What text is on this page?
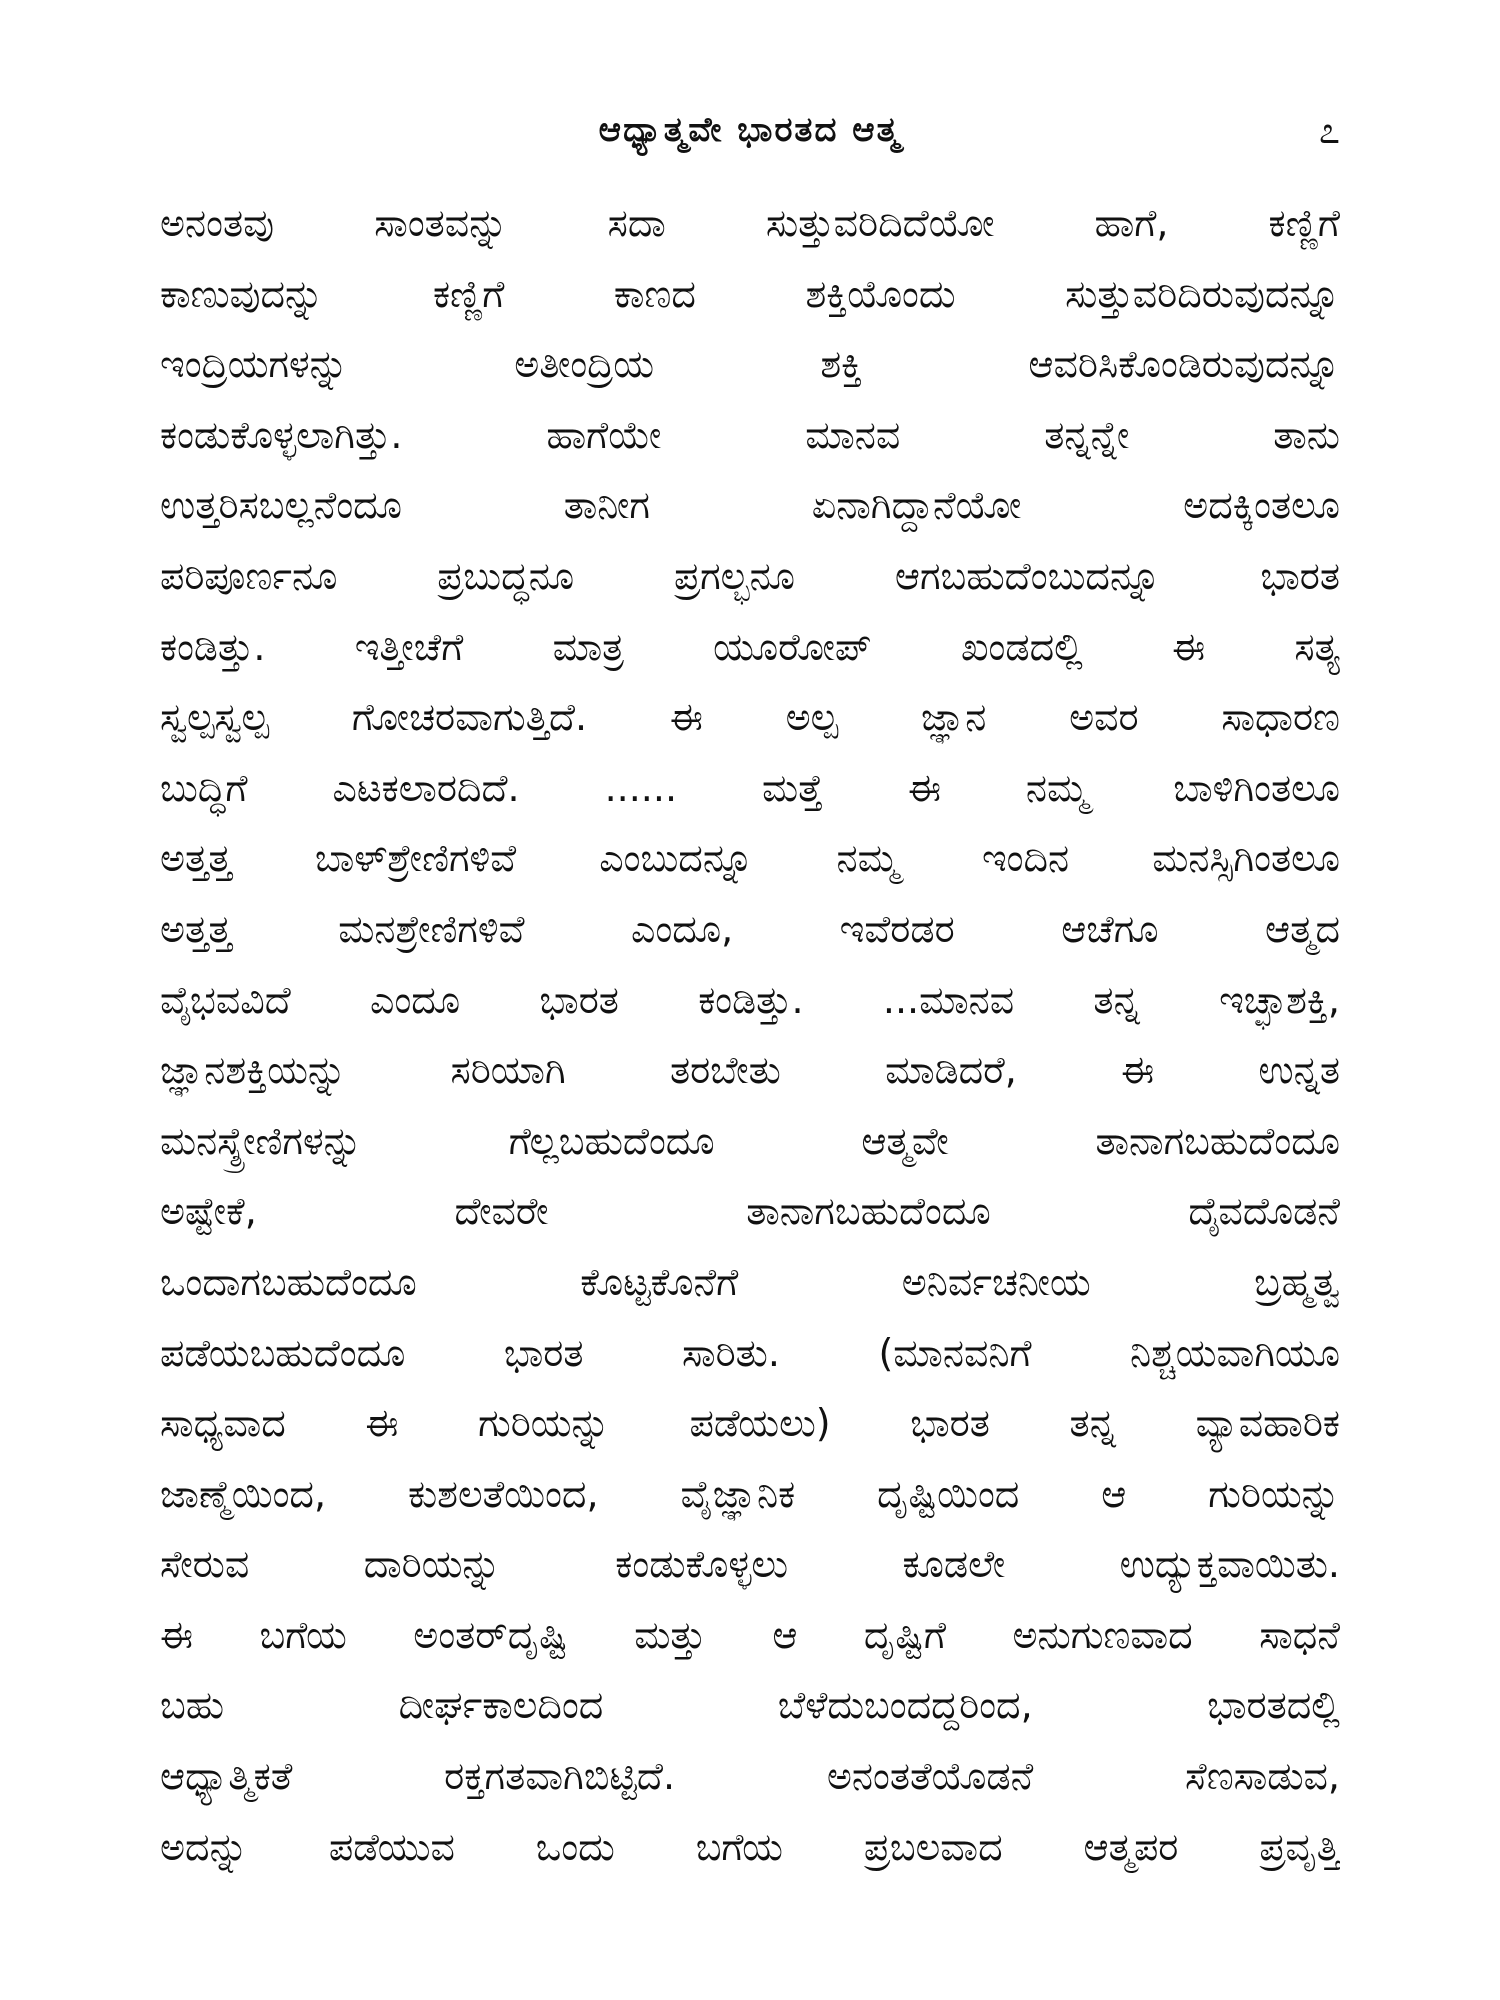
ಆಧ್ಯಾತ್ಮವೇ ಭಾರತದ ಆತ್ಮ	೭
ಅನಂತವು ಸಾಂತವನ್ನು ಸದಾ ಸುತ್ತುವರಿದಿದೆಯೋ ಹಾಗೆ, ಕಣ್ಣಿಗೆ
ಕಾಣುವುದನ್ನು ಕಣ್ಣಿಗೆ ಕಾಣದ ಶಕ್ತಿಯೊಂದು ಸುತ್ತುವರಿದಿರುವುದನ್ನೂ
ಇಂದ್ರಿಯಗಳನ್ನು ಅತೀಂದ್ರಿಯ ಶಕ್ತಿ ಆವರಿಸಿಕೊಂಡಿರುವುದನ್ನೂ
ಕಂಡುಕೊಳ್ಳಲಾಗಿತ್ತು. ಹಾಗೆಯೇ ಮಾನವ ತನ್ನನ್ನೇ ತಾನು
ಉತ್ತರಿಸಬಲ್ಲನೆಂದೂ ತಾನೀಗ ಏನಾಗಿದ್ದಾನೆಯೋ ಅದಕ್ಕಿಂತಲೂ
ಪರಿಪೂರ್ಣನೂ ಪ್ರಬುದ್ಧನೂ ಪ್ರಗಲ್ಭನೂ ಆಗಬಹುದೆಂಬುದನ್ನೂ ಭಾರತ
ಕಂಡಿತ್ತು. ಇತ್ತೀಚೆಗೆ ಮಾತ್ರ ಯೂರೋಪ್ ಖಂಡದಲ್ಲಿ ಈ ಸತ್ಯ
ಸ್ವಲ್ಪಸ್ವಲ್ಪ ಗೋಚರವಾಗುತ್ತಿದೆ. ಈ ಅಲ್ಪ ಜ್ಞಾನ ಅವರ ಸಾಧಾರಣ
ಬುದ್ಧಿಗೆ ಎಟಕಲಾರದಿದೆ. ...... ಮತ್ತೆ ಈ ನಮ್ಮ ಬಾಳಿಗಿಂತಲೂ
ಅತ್ತತ್ತ ಬಾಳ್‌ಶ್ರೇಣಿಗಳಿವೆ ಎಂಬುದನ್ನೂ ನಮ್ಮ ಇಂದಿನ ಮನಸ್ಸಿಗಿಂತಲೂ
ಅತ್ತತ್ತ ಮನಶ್ರೇಣಿಗಳಿವೆ ಎಂದೂ, ಇವೆರಡರ ಆಚೆಗೂ ಆತ್ಮದ
ವೈಭವವಿದೆ ಎಂದೂ ಭಾರತ ಕಂಡಿತ್ತು. ...ಮಾನವ ತನ್ನ ಇಚ್ಛಾಶಕ್ತಿ,
ಜ್ಞಾನಶಕ್ತಿಯನ್ನು ಸರಿಯಾಗಿ ತರಬೇತು ಮಾಡಿದರೆ, ಈ ಉನ್ನತ
ಮನಸ್ಶ್ರೇಣಿಗಳನ್ನು ಗೆಲ್ಲಬಹುದೆಂದೂ ಆತ್ಮವೇ ತಾನಾಗಬಹುದೆಂದೂ
ಅಷ್ಟೇಕೆ, ದೇವರೇ ತಾನಾಗಬಹುದೆಂದೂ ದೈವದೊಡನೆ
ಒಂದಾಗಬಹುದೆಂದೂ ಕೊಟ್ಟಕೊನೆಗೆ ಅನಿರ್ವಚನೀಯ ಬ್ರಹ್ಮತ್ವ
ಪಡೆಯಬಹುದೆಂದೂ ಭಾರತ ಸಾರಿತು. (ಮಾನವನಿಗೆ ನಿಶ್ಚಯವಾಗಿಯೂ
ಸಾಧ್ಯವಾದ ಈ ಗುರಿಯನ್ನು ಪಡೆಯಲು) ಭಾರತ ತನ್ನ ವ್ಯಾವಹಾರಿಕ
ಜಾಣ್ಮೆಯಿಂದ, ಕುಶಲತೆಯಿಂದ, ವೈಜ್ಞಾನಿಕ ದೃಷ್ಟಿಯಿಂದ ಆ ಗುರಿಯನ್ನು
ಸೇರುವ ದಾರಿಯನ್ನು ಕಂಡುಕೊಳ್ಳಲು ಕೂಡಲೇ ಉದ್ಯುಕ್ತವಾಯಿತು.
ಈ ಬಗೆಯ ಅಂತರ್‌ದೃಷ್ಟಿ ಮತ್ತು ಆ ದೃಷ್ಟಿಗೆ ಅನುಗುಣವಾದ ಸಾಧನೆ
ಬಹು ದೀರ್ಘಕಾಲದಿಂದ ಬೆಳೆದುಬಂದದ್ದರಿಂದ, ಭಾರತದಲ್ಲಿ
ಆಧ್ಯಾತ್ಮಿಕತೆ ರಕ್ತಗತವಾಗಿಬಿಟ್ಟಿದೆ. ಅನಂತತೆಯೊಡನೆ ಸೆಣಸಾಡುವ,
ಅದನ್ನು ಪಡೆಯುವ ಒಂದು ಬಗೆಯ ಪ್ರಬಲವಾದ ಆತ್ಮಪರ ಪ್ರವೃತ್ತಿ
